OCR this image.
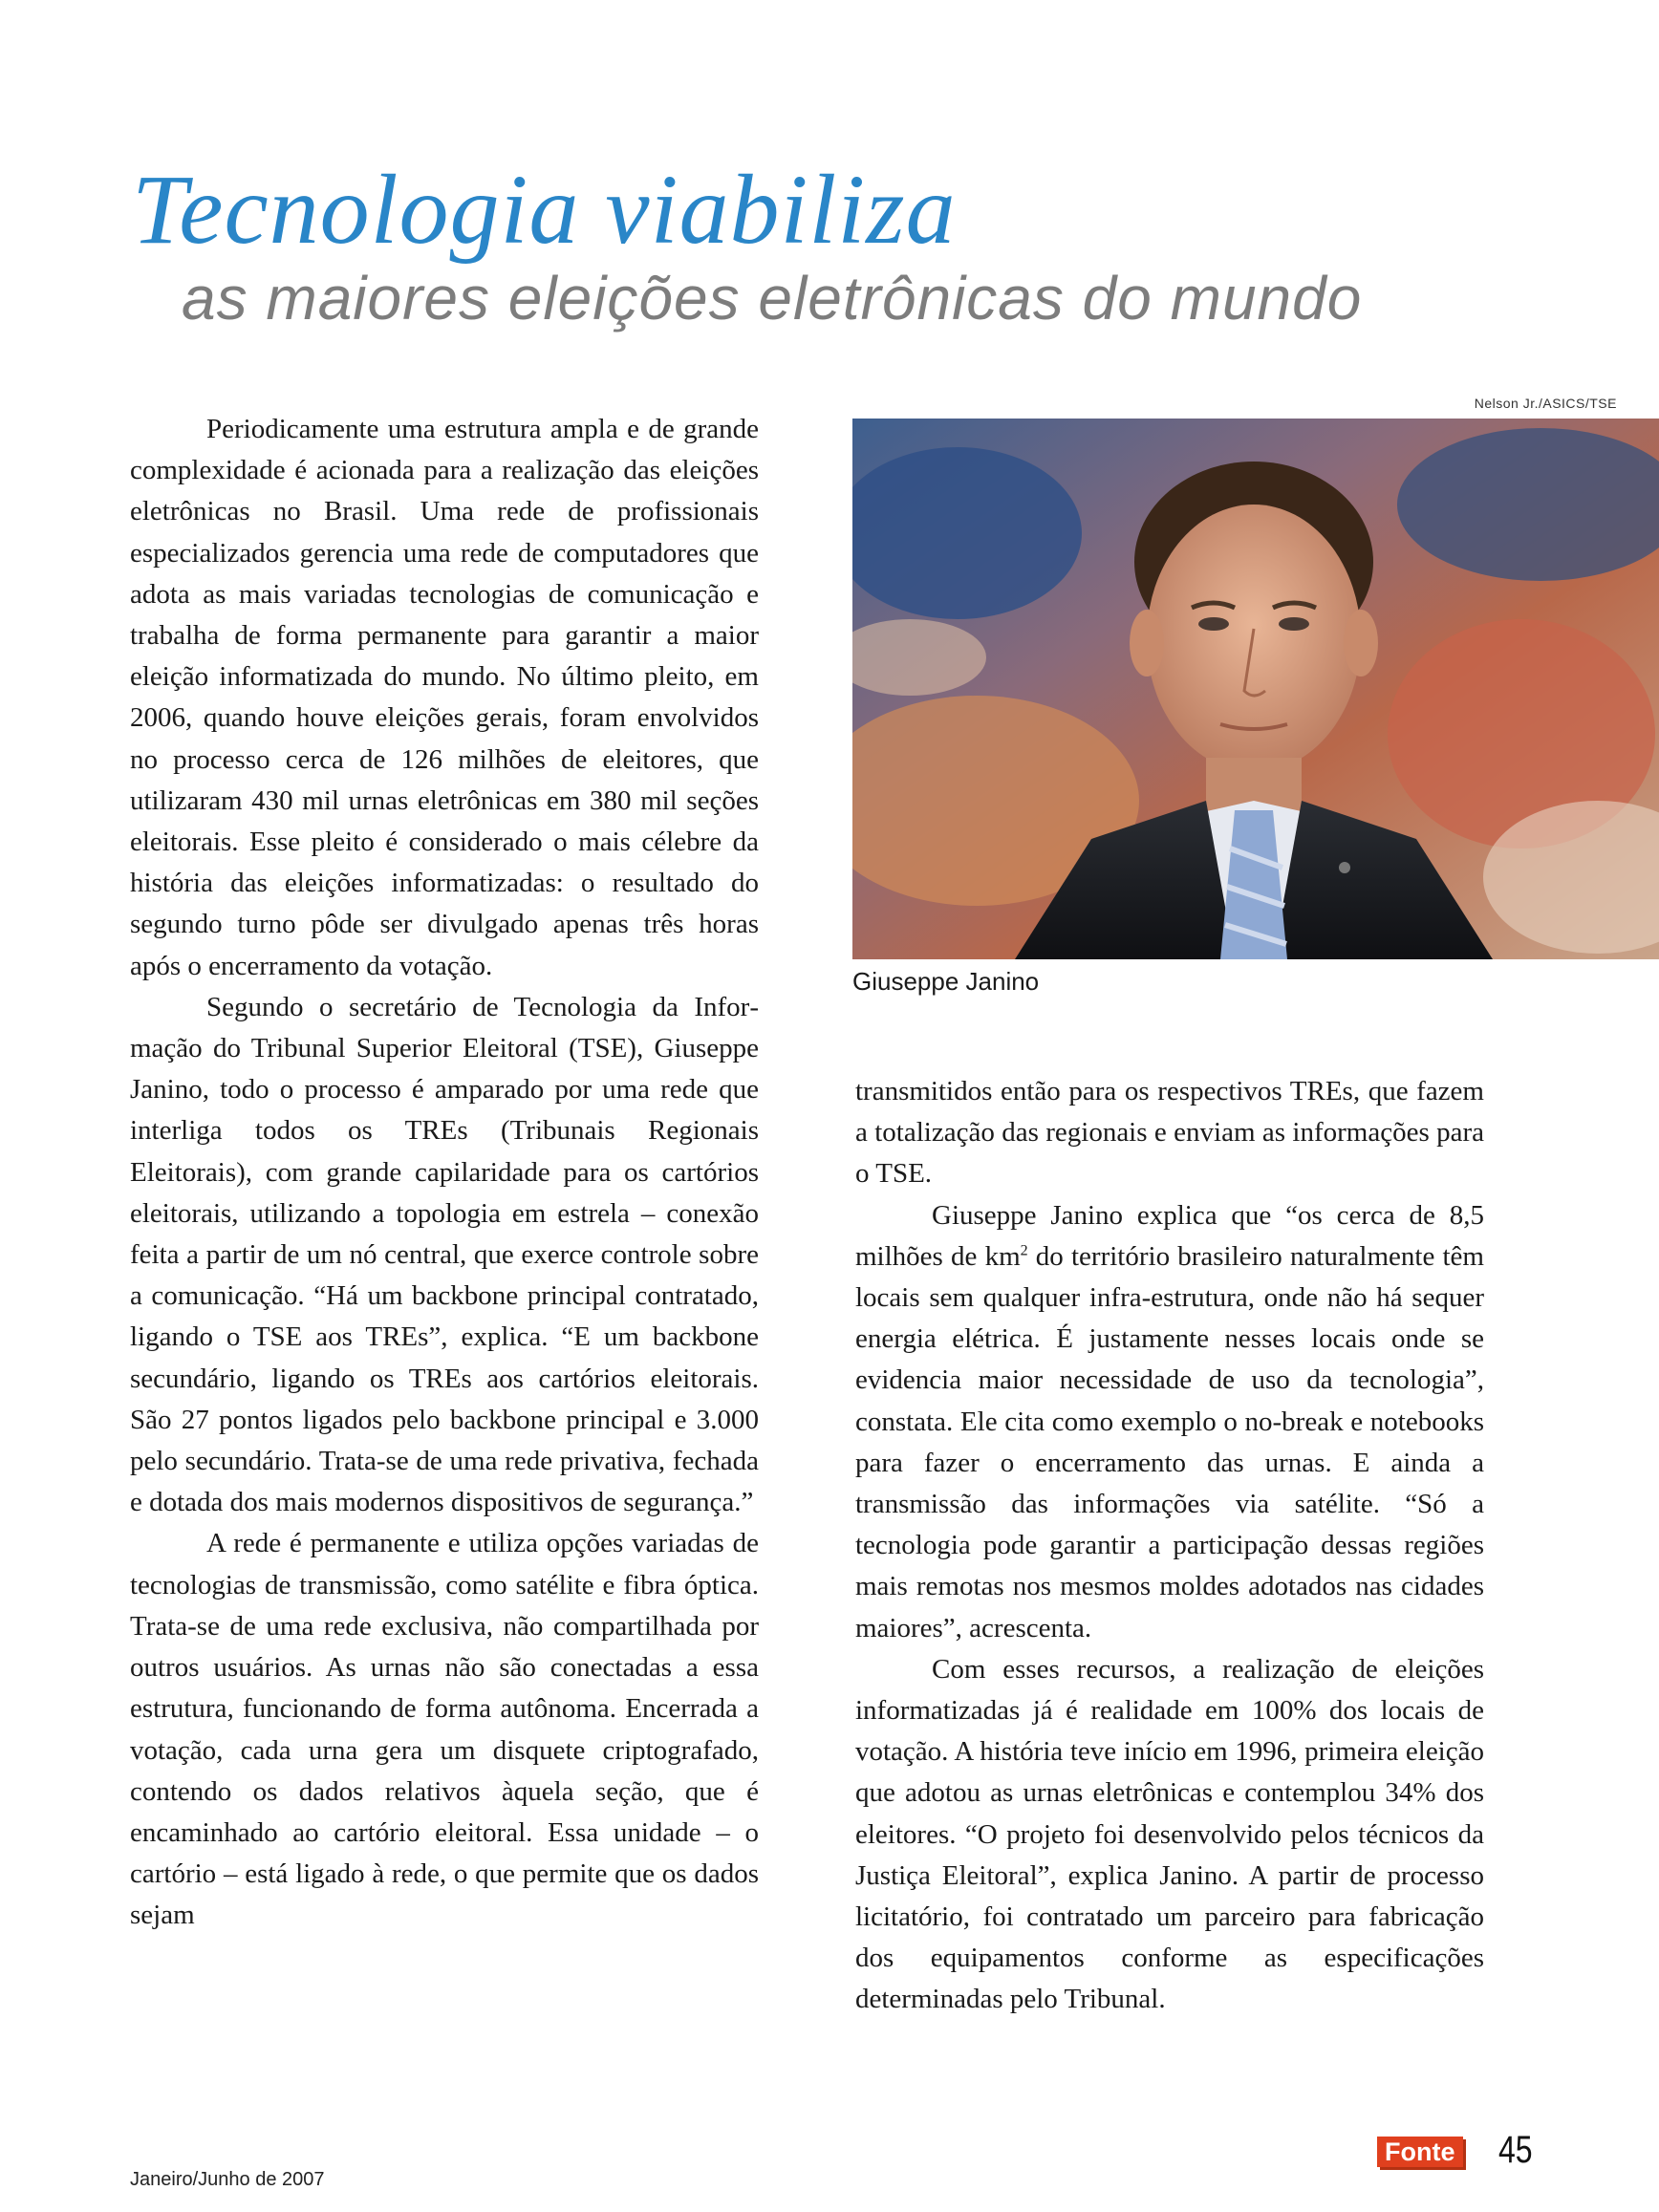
Tecnologia viabiliza
as maiores eleições eletrônicas do mundo
Nelson Jr./ASICS/TSE
Giuseppe Janino

Periodicamente uma estrutura ampla e de grande complexidade é acionada para a realização das eleições eletrônicas no Brasil. Uma rede de profissionais especializados gerencia uma rede de computadores que adota as mais variadas tecnologias de comunicação e trabalha de forma permanente para garantir a maior eleição informatizada do mundo. No último pleito, em 2006, quando houve eleições gerais, foram envolvidos no processo cerca de 126 milhões de eleitores, que utilizaram 430 mil urnas eletrônicas em 380 mil seções eleitorais. Esse pleito é considerado o mais célebre da história das eleições informatizadas: o resultado do segundo turno pôde ser divulgado apenas três horas após o encerramento da votação.

Segundo o secretário de Tecnologia da Informação do Tribunal Superior Eleitoral (TSE), Giuseppe Janino, todo o processo é amparado por uma rede que interliga todos os TREs (Tribunais Regionais Eleitorais), com grande capilaridade para os cartórios eleitorais, utilizando a topologia em estrela – conexão feita a partir de um nó central, que exerce controle sobre a comunicação. “Há um backbone principal contratado, ligando o TSE aos TREs”, explica. “E um backbone secundário, ligando os TREs aos cartórios eleitorais. São 27 pontos ligados pelo backbone principal e 3.000 pelo secundário. Trata-se de uma rede privativa, fechada e dotada dos mais modernos dispositivos de segurança.”

A rede é permanente e utiliza opções variadas de tecnologias de transmissão, como satélite e fibra óptica. Trata-se de uma rede exclusiva, não compartilhada por outros usuários. As urnas não são conectadas a essa estrutura, funcionando de forma autônoma. Encerrada a votação, cada urna gera um disquete criptografado, contendo os dados relativos àquela seção, que é encaminhado ao cartório eleitoral. Essa unidade – o cartório – está ligado à rede, o que permite que os dados sejam

transmitidos então para os respectivos TREs, que fazem a totalização das regionais e enviam as informações para o TSE.

Giuseppe Janino explica que “os cerca de 8,5 milhões de $km^2$ do território brasileiro naturalmente têm locais sem qualquer infra-estrutura, onde não há sequer energia elétrica. É justamente nesses locais onde se evidencia maior necessidade de uso da tecnologia”, constata. Ele cita como exemplo o no-break e notebooks para fazer o encerramento das urnas. E ainda a transmissão das informações via satélite. “Só a tecnologia pode garantir a participação dessas regiões mais remotas nos mesmos moldes adotados nas cidades maiores”, acrescenta.

Com esses recursos, a realização de eleições informatizadas já é realidade em 100% dos locais de votação. A história teve início em 1996, primeira eleição que adotou as urnas eletrônicas e contemplou 34% dos eleitores. “O projeto foi desenvolvido pelos técnicos da Justiça Eleitoral”, explica Janino. A partir de processo licitatório, foi contratado um parceiro para fabricação dos equipamentos conforme as especificações determinadas pelo Tribunal.

Janeiro/Junho de 2007
Fonte 45
